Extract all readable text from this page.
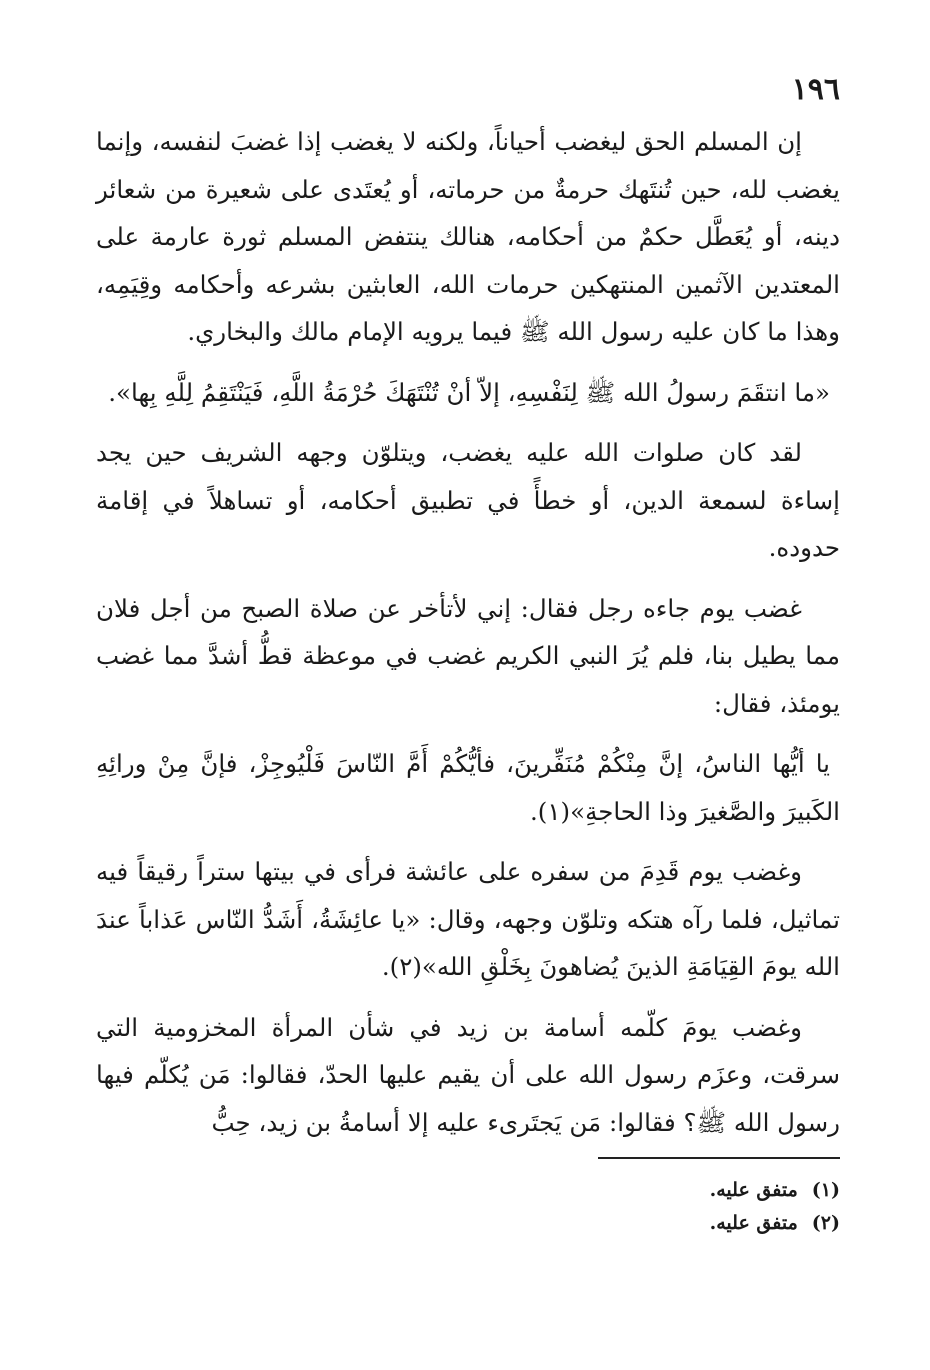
١٩٦

إن المسلم الحق ليغضب أحياناً، ولكنه لا يغضب إذا غضبَ لنفسه، وإنما يغضب لله، حين تُنتَهك حرمةٌ من حرماته، أو يُعتَدى على شعيرة من شعائر دينه، أو يُعَطَّل حكمٌ من أحكامه، هنالك ينتفض المسلم ثورة عارمة على المعتدين الآثمين المنتهكين حرمات الله، العابثين بشرعه وأحكامه وقِيَمِه، وهذا ما كان عليه رسول الله ﷺ فيما يرويه الإمام مالك والبخاري.

«ما انتقَمَ رسولُ الله ﷺ لِنَفْسِهِ، إلاّ أنْ تُنْتَهَكَ حُرْمَةُ اللَّهِ، فَيَنْتَقِمُ لِلَّهِ بِها».

لقد كان صلوات الله عليه يغضب، ويتلوّن وجهه الشريف حين يجد إساءة لسمعة الدين، أو خطأً في تطبيق أحكامه، أو تساهلاً في إقامة حدوده.

غضب يوم جاءه رجل فقال: إني لأتأخر عن صلاة الصبح من أجل فلان مما يطيل بنا، فلم يُرَ النبي الكريم غضب في موعظة قطُّ أشدَّ مما غضب يومئذ، فقال:

يا أيُّها الناسُ، إنَّ مِنْكُمْ مُنَفِّرينَ، فأيُّكُمْ أَمَّ النّاسَ فَلْيُوجِزْ، فإنَّ مِنْ ورائِهِ الكَبيرَ والصَّغيرَ وذا الحاجةِ»(١).

وغضب يوم قَدِمَ من سفره على عائشة فرأى في بيتها ستراً رقيقاً فيه تماثيل، فلما رآه هتكه وتلوّن وجهه، وقال: «يا عائِشَةُ، أَشَدُّ النّاس عَذاباً عندَ الله يومَ القِيَامَةِ الذينَ يُضاهونَ بِخَلْقِ الله»(٢).

وغضب يومَ كلّمه أسامة بن زيد في شأن المرأة المخزومية التي سرقت، وعزَم رسول الله على أن يقيم عليها الحدّ، فقالوا: مَن يُكلّم فيها رسول الله ﷺ؟ فقالوا: مَن يَجتَرىء عليه إلا أسامةُ بن زيد، حِبُّ

(١)متفق عليه.
(٢)متفق عليه.
